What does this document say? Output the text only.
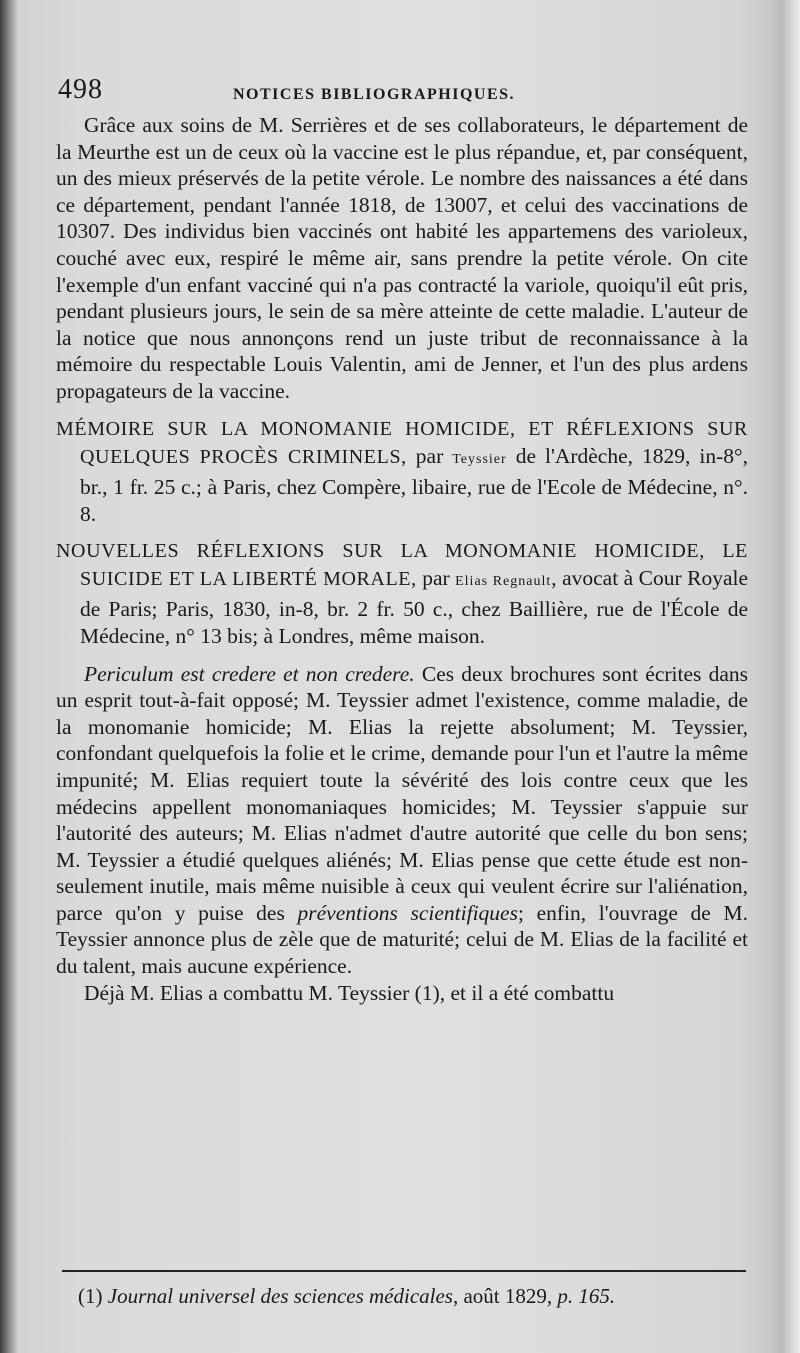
498	NOTICES BIBLIOGRAPHIQUES.

Grâce aux soins de M. Serrières et de ses collaborateurs, le département de la Meurthe est un de ceux où la vaccine est le plus répandue, et, par conséquent, un des mieux préservés de la petite vérole. Le nombre des naissances a été dans ce département, pendant l'année 1818, de 13007, et celui des vaccinations de 10307. Des individus bien vaccinés ont habité les appartemens des varioleux, couché avec eux, respiré le même air, sans prendre la petite vérole. On cite l'exemple d'un enfant vacciné qui n'a pas contracté la variole, quoiqu'il eût pris, pendant plusieurs jours, le sein de sa mère atteinte de cette maladie. L'auteur de la notice que nous annonçons rend un juste tribut de reconnaissance à la mémoire du respectable Louis Valentin, ami de Jenner, et l'un des plus ardens propagateurs de la vaccine.

MÉMOIRE SUR LA MONOMANIE HOMICIDE, ET RÉFLEXIONS SUR QUELQUES PROCÈS CRIMINELS, par Teyssier de l'Ardèche, 1829, in-8°, br., 1 fr. 25 c.; à Paris, chez Compère, libaire, rue de l'Ecole de Médecine, n°. 8.

NOUVELLES RÉFLEXIONS SUR LA MONOMANIE HOMICIDE, LE SUICIDE ET LA LIBERTÉ MORALE, par Elias Regnault, avocat à Cour Royale de Paris; Paris, 1830, in-8, br. 2 fr. 50 c., chez Baillière, rue de l'École de Médecine, n° 13 bis; à Londres, même maison.

Periculum est credere et non credere. Ces deux brochures sont écrites dans un esprit tout-à-fait opposé; M. Teyssier admet l'existence, comme maladie, de la monomanie homicide; M. Elias la rejette absolument; M. Teyssier, confondant quelquefois la folie et le crime, demande pour l'un et l'autre la même impunité; M. Elias requiert toute la sévérité des lois contre ceux que les médecins appellent monomaniaques homicides; M. Teyssier s'appuie sur l'autorité des auteurs; M. Elias n'admet d'autre autorité que celle du bon sens; M. Teyssier a étudié quelques aliénés; M. Elias pense que cette étude est non-seulement inutile, mais même nuisible à ceux qui veulent écrire sur l'aliénation, parce qu'on y puise des préventions scientifiques; enfin, l'ouvrage de M. Teyssier annonce plus de zèle que de maturité; celui de M. Elias de la facilité et du talent, mais aucune expérience.

Déjà M. Elias a combattu M. Teyssier (1), et il a été combattu

(1) Journal universel des sciences médicales, août 1829, p. 165.
